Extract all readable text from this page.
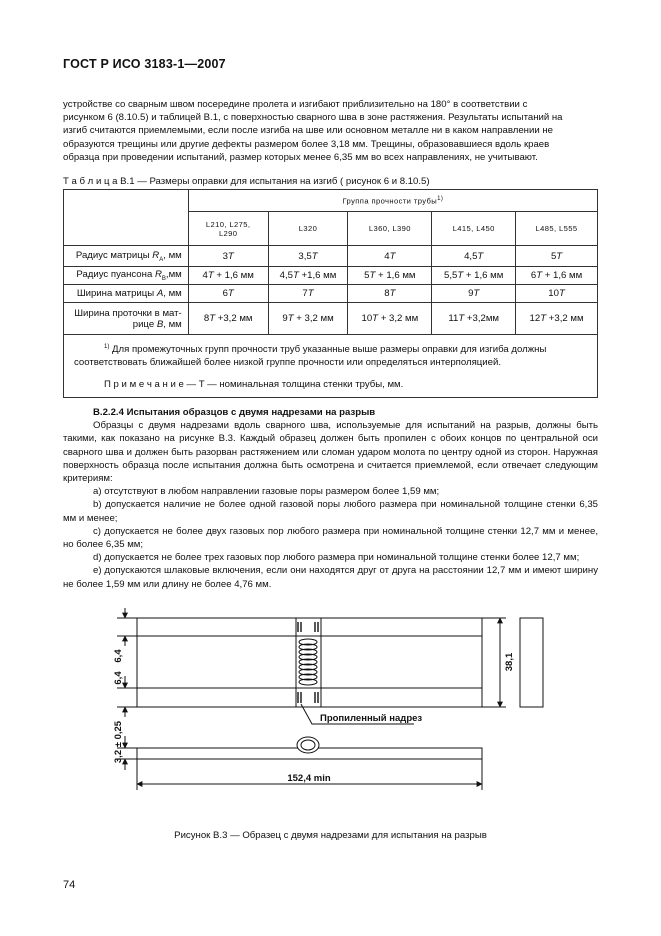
ГОСТ Р ИСО 3183-1—2007

устройстве со сварным швом посередине пролета и изгибают приблизительно на 180° в соответствии с

рисунком 6 (8.10.5) и таблицей В.1, с поверхностью сварного шва в зоне растяжения. Результаты испытаний на

изгиб считаются приемлемыми, если после изгиба на шве или основном металле ни в каком направлении не

образуются трещины или другие дефекты размером более 3,18 мм. Трещины, образовавшиеся вдоль краев

образца при проведении испытаний, размер которых менее 6,35 мм во всех направлениях, не учитывают.

Т а б л и ц а В.1 — Размеры оправки для испытания на изгиб ( рисунок 6 и 8.10.5)
	Группа прочности трубы$^{1)}$
	L210, L275,
L290	L320	L360, L390	L415, L450	L485, L555
Радиус матрицы $R_A$, мм	3T	3,5T	4T	4,5T	5T
Радиус пуансона $R_B,мм$	4T + 1,6 мм	4,5T +1,6 мм	5T + 1,6 мм	5,5T + 1,6 мм	6T + 1,6 мм
Ширина матрицы A, мм	6T	7T	8T	9T	10T
Ширина проточки в мат-
рице B, мм	8T +3,2 мм	9T + 3,2 мм	10T + 3,2 мм	11T +3,2мм	12T +3,2 мм

$^{1)}$ Для промежуточных групп прочности труб указанные выше размеры оправки для изгиба должны соответствовать ближайшей более низкой группе прочности или определяться интерполяцией.
П р и м е ч а н и е — T — номинальная толщина стенки трубы, мм.					

В.2.2.4 Испытания образцов с двумя надрезами на разрыв

Образцы с двумя надрезами вдоль сварного шва, используемые для испытаний на разрыв, должны быть такими, как показано на рисунке В.3. Каждый образец должен быть пропилен с обоих концов по центральной оси сварного шва и должен быть разорван растяжением или сломан ударом молота по центру одной из сторон. Наружная поверхность образца после испытания должна быть осмотрена и считается приемлемой, если отвечает следующим критериям:

a) отсутствуют в любом направлении газовые поры размером более 1,59 мм;

b) допускается наличие не более одной газовой поры любого размера при номинальной толщине стенки 6,35 мм и менее;

c) допускается не более двух газовых пор любого размера при номинальной толщине стенки 12,7 мм и менее, но более 6,35 мм;

d) допускается не более трех газовых пор любого размера при номинальной толщине стенки более 12,7 мм;

e) допускаются шлаковые включения, если они находятся друг от друга на расстоянии 12,7 мм и имеют ширину не более 1,59 мм или длину не более 4,76 мм.

6,4
6,4
38,1
3,2 ± 0,25
152,4 min
Пропиленный надрез
Рисунок В.3 — Образец с двумя надрезами для испытания на разрыв
74
